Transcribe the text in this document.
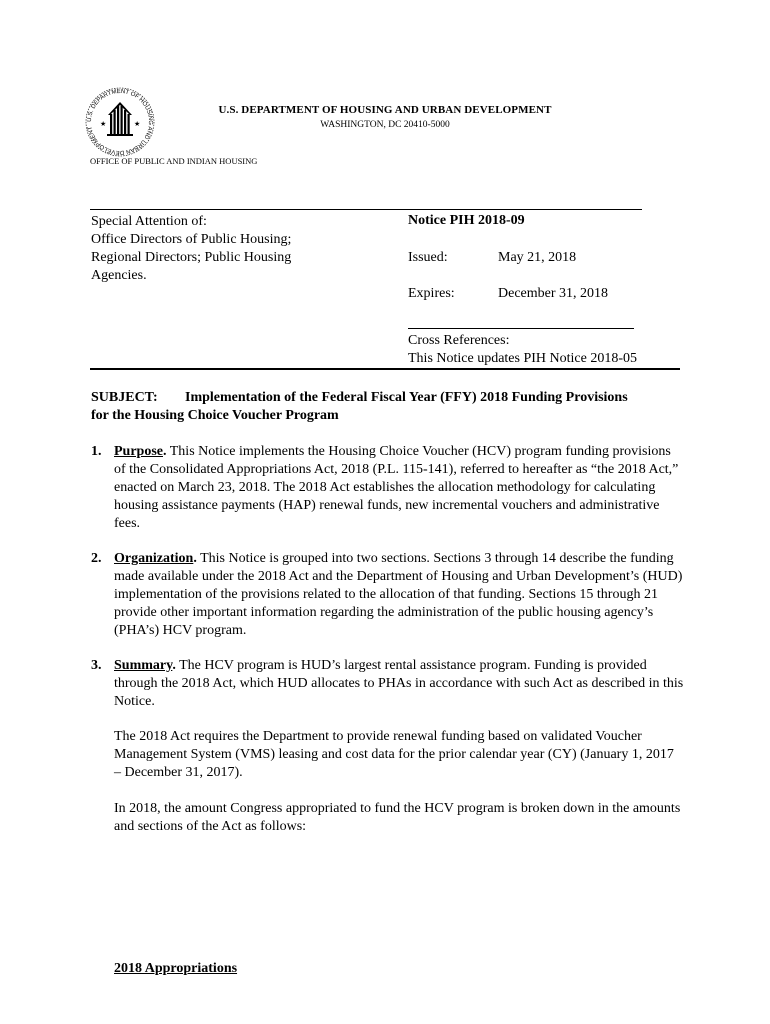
U.S. DEPARTMENT OF HOUSING AND URBAN DEVELOPMENT
★	★
U.S. DEPARTMENT OF HOUSING AND URBAN DEVELOPMENT
WASHINGTON, DC 20410-5000
OFFICE OF PUBLIC AND INDIAN HOUSING
Special Attention of:
Office Directors of Public Housing;
Regional Directors; Public Housing
Agencies.
Notice PIH 2018-09
Issued:	May 21, 2018
Expires:	December 31, 2018
Cross References:
This Notice updates PIH Notice 2018-05
SUBJECT: Implementation of the Federal Fiscal Year (FFY) 2018 Funding Provisions
for the Housing Choice Voucher Program
1. Purpose. This Notice implements the Housing Choice Voucher (HCV) program funding provisions of the Consolidated Appropriations Act, 2018 (P.L. 115-141), referred to hereafter as “the 2018 Act,” enacted on March 23, 2018. The 2018 Act establishes the allocation methodology for calculating housing assistance payments (HAP) renewal funds, new incremental vouchers and administrative fees.
2. Organization. This Notice is grouped into two sections. Sections 3 through 14 describe the funding made available under the 2018 Act and the Department of Housing and Urban Development’s (HUD) implementation of the provisions related to the allocation of that funding. Sections 15 through 21 provide other important information regarding the administration of the public housing agency’s (PHA’s) HCV program.
3. Summary. The HCV program is HUD’s largest rental assistance program. Funding is provided through the 2018 Act, which HUD allocates to PHAs in accordance with such Act as described in this Notice.
The 2018 Act requires the Department to provide renewal funding based on validated Voucher Management System (VMS) leasing and cost data for the prior calendar year (CY) (January 1, 2017 – December 31, 2017).
In 2018, the amount Congress appropriated to fund the HCV program is broken down in the amounts and sections of the Act as follows:
2018 Appropriations
